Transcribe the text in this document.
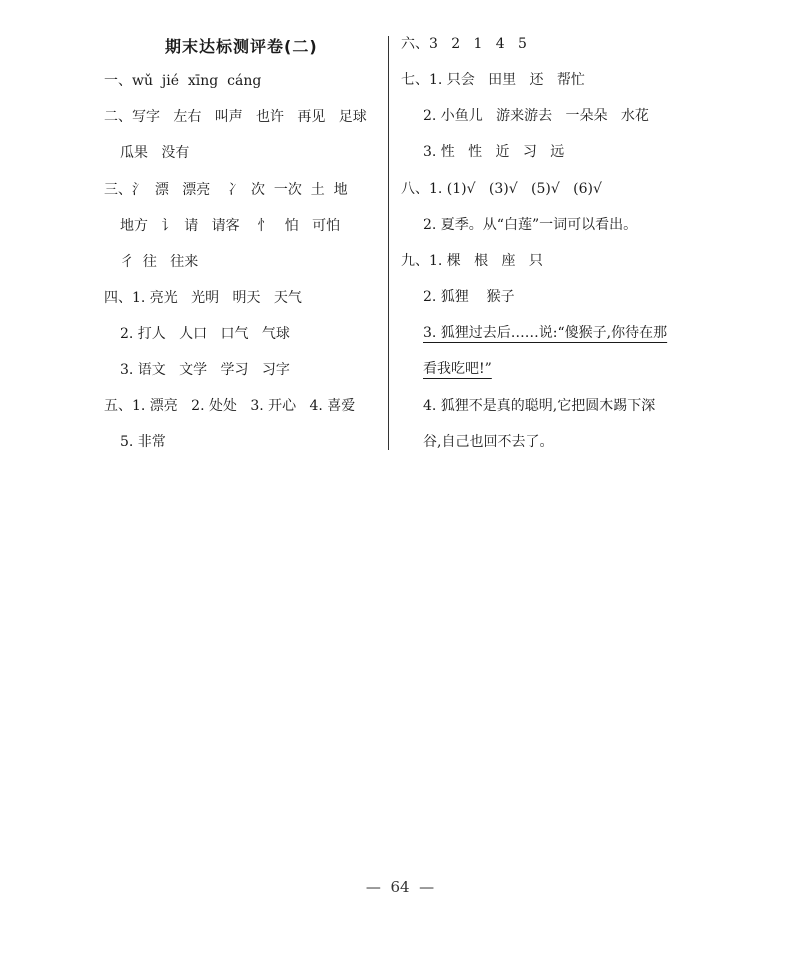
期末达标测评卷(二)
一、wǔ  jié  xīng  cáng
二、写字   左右   叫声   也许   再见   足球
瓜果   没有
三、氵  漂   漂亮    冫  次  一次  土  地
地方   讠  请   请客    忄   怕   可怕
彳  往   往来
四、1. 亮光   光明   明天   天气
2. 打人   人口   口气   气球
3. 语文   文学   学习   习字
五、1. 漂亮   2. 处处   3. 开心   4. 喜爱
5. 非常
六、3   2   1   4   5
七、1. 只会   田里   还   帮忙
2. 小鱼儿   游来游去   一朵朵   水花
3. 性   性   近   习   远
八、1. (1)√   (3)√   (5)√   (6)√
2. 夏季。从“白莲”一词可以看出。
九、1. 棵   根   座   只
2. 狐狸    猴子
3. 狐狸过去后……说:“傻猴子,你待在那
看我吃吧!”
4. 狐狸不是真的聪明,它把圆木踢下深
谷,自己也回不去了。
—  64  —
